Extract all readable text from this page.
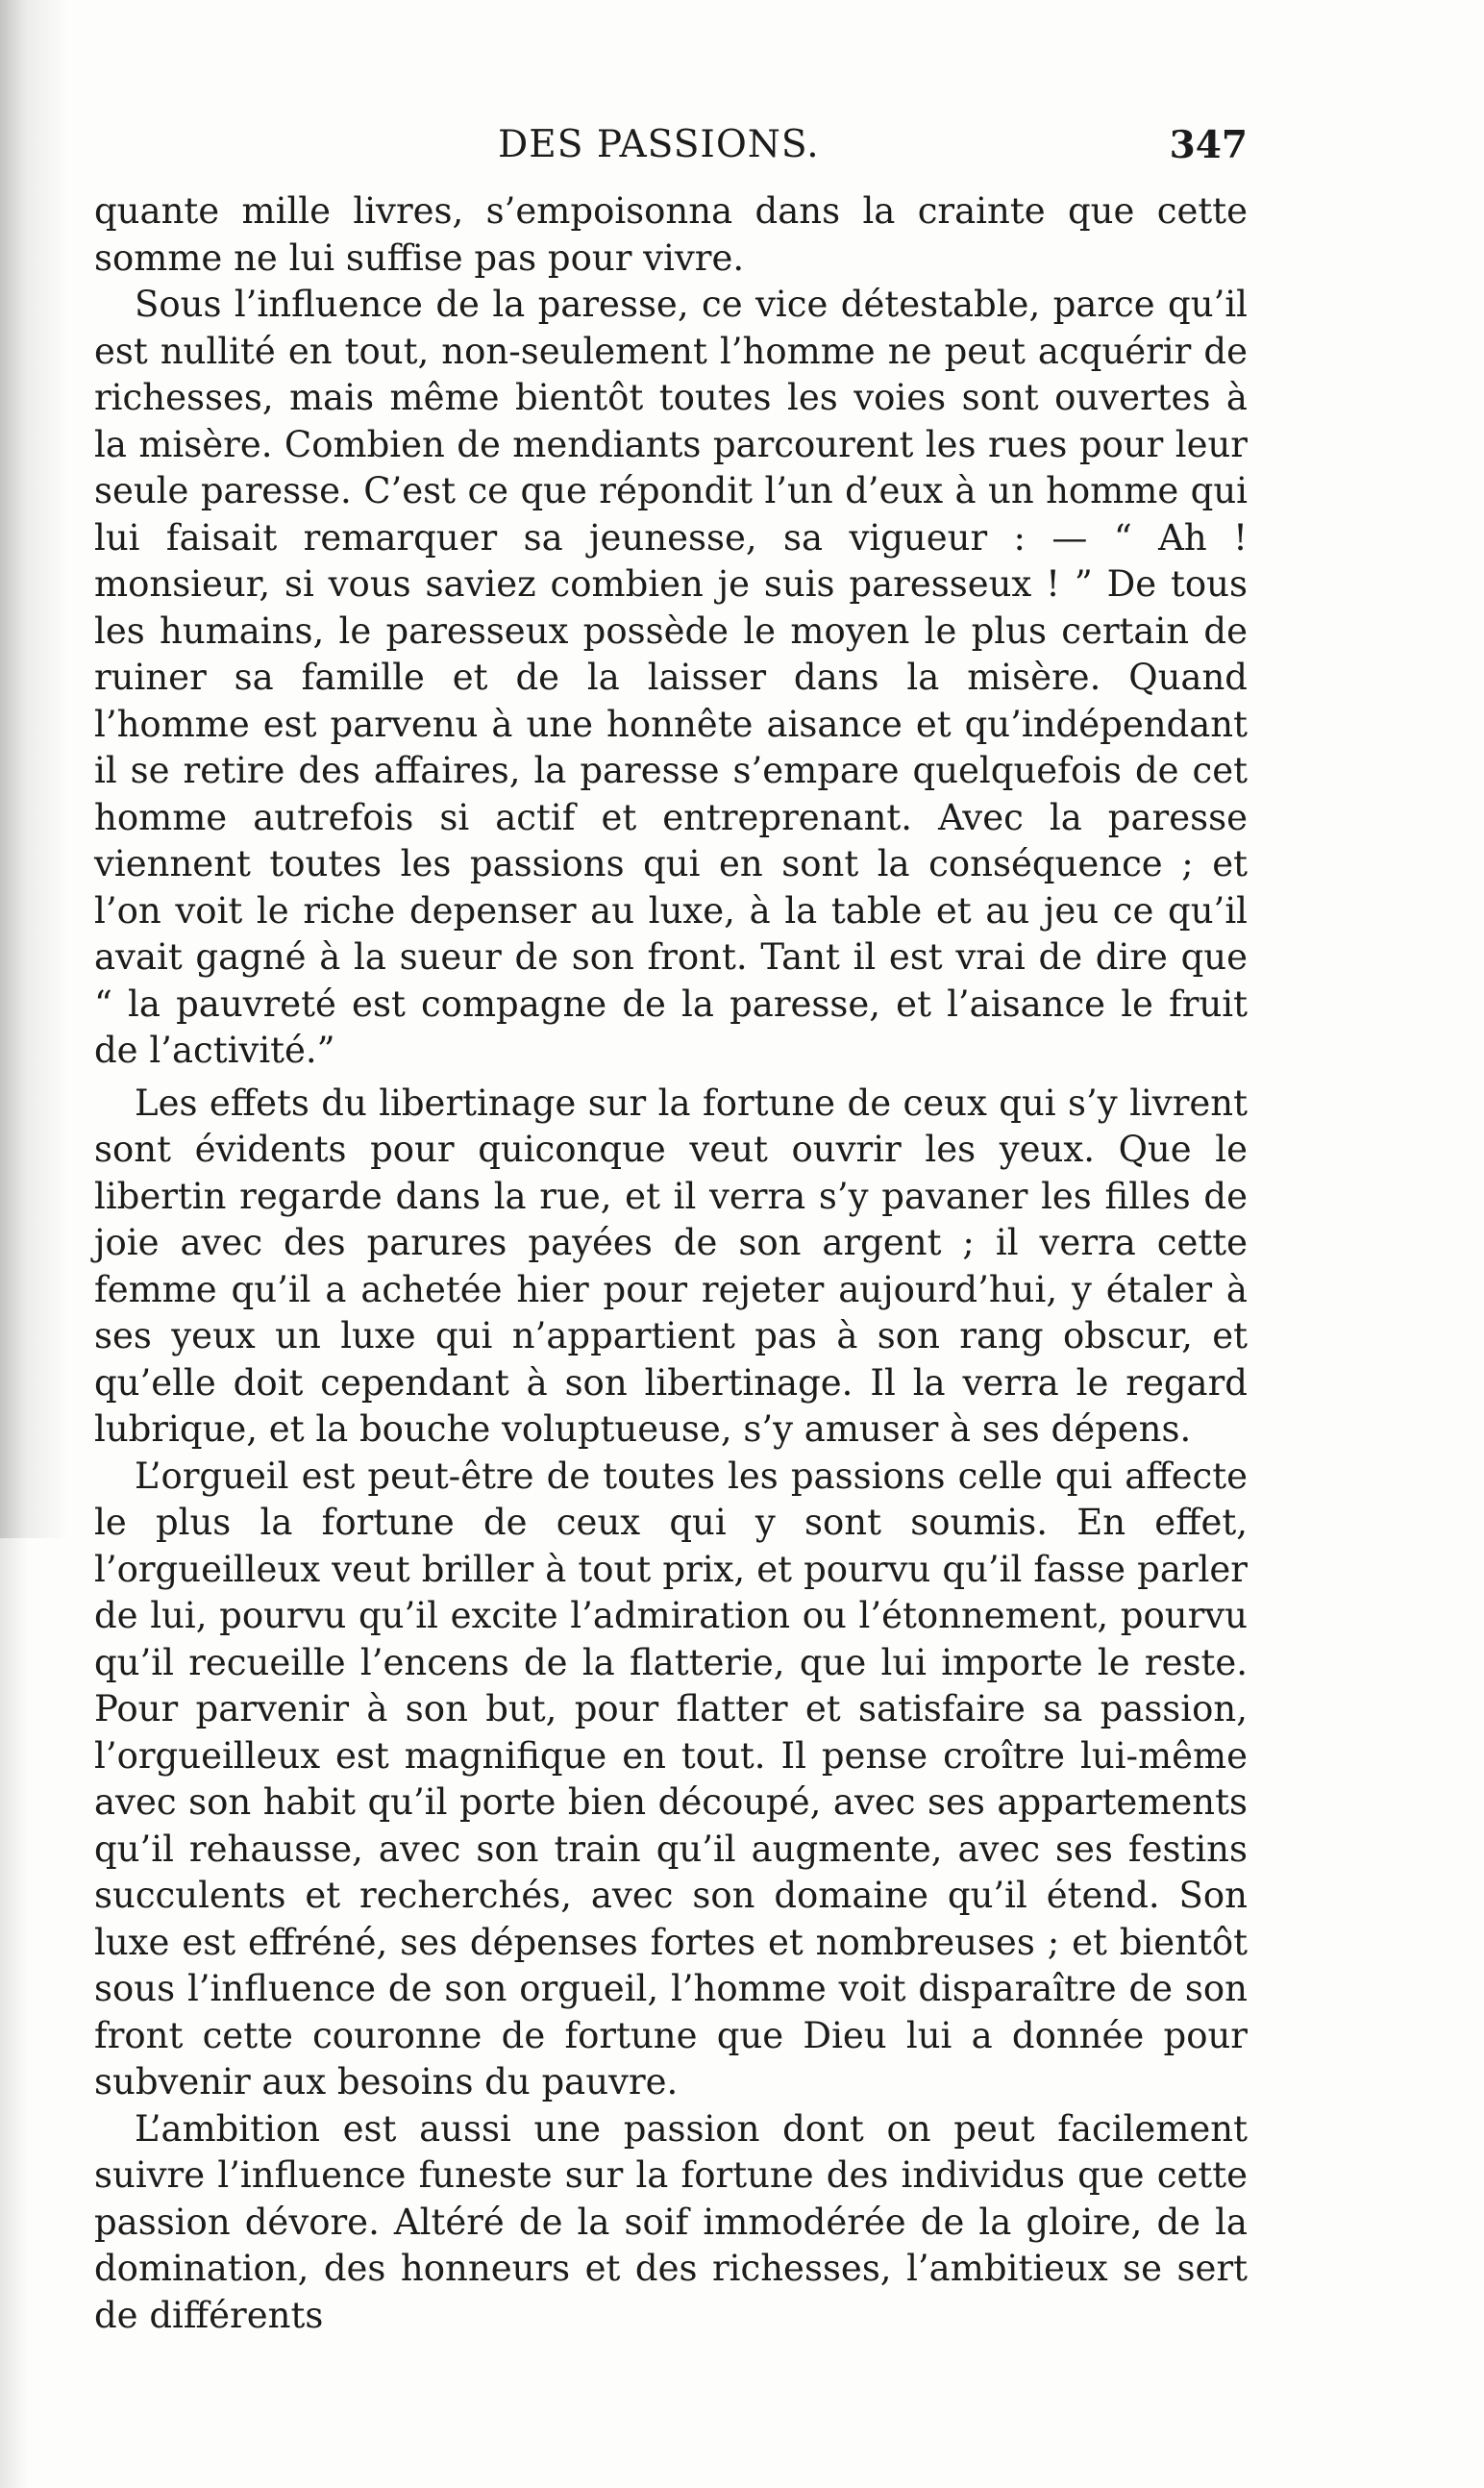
DES PASSIONS.	347

quante mille livres, s’empoisonna dans la crainte que cette somme ne lui suffise pas pour vivre.

Sous l’influence de la paresse, ce vice détestable, parce qu’il est nullité en tout, non-seulement l’homme ne peut acquérir de richesses, mais même bientôt toutes les voies sont ouvertes à la misère. Combien de mendiants parcourent les rues pour leur seule paresse. C’est ce que répondit l’un d’eux à un homme qui lui faisait remarquer sa jeunesse, sa vigueur : — “ Ah ! monsieur, si vous saviez combien je suis paresseux ! ” De tous les humains, le paresseux possède le moyen le plus certain de ruiner sa famille et de la laisser dans la misère. Quand l’homme est parvenu à une honnête aisance et qu’indépendant il se retire des affaires, la paresse s’empare quelquefois de cet homme autrefois si actif et entreprenant. Avec la paresse viennent toutes les passions qui en sont la conséquence ; et l’on voit le riche depenser au luxe, à la table et au jeu ce qu’il avait gagné à la sueur de son front. Tant il est vrai de dire que “ la pauvreté est compagne de la paresse, et l’aisance le fruit de l’activité.”

Les effets du libertinage sur la fortune de ceux qui s’y livrent sont évidents pour quiconque veut ouvrir les yeux. Que le libertin regarde dans la rue, et il verra s’y pavaner les filles de joie avec des parures payées de son argent ; il verra cette femme qu’il a achetée hier pour rejeter aujourd’hui, y étaler à ses yeux un luxe qui n’appartient pas à son rang obscur, et qu’elle doit cependant à son libertinage. Il la verra le regard lubrique, et la bouche voluptueuse, s’y amuser à ses dépens.

L’orgueil est peut-être de toutes les passions celle qui affecte le plus la fortune de ceux qui y sont soumis. En effet, l’orgueilleux veut briller à tout prix, et pourvu qu’il fasse parler de lui, pourvu qu’il excite l’admiration ou l’étonnement, pourvu qu’il recueille l’encens de la flatterie, que lui importe le reste. Pour parvenir à son but, pour flatter et satisfaire sa passion, l’orgueilleux est magnifique en tout. Il pense croître lui-même avec son habit qu’il porte bien découpé, avec ses appartements qu’il rehausse, avec son train qu’il augmente, avec ses festins succulents et recherchés, avec son domaine qu’il étend. Son luxe est effréné, ses dépenses fortes et nombreuses ; et bientôt sous l’influence de son orgueil, l’homme voit disparaître de son front cette couronne de fortune que Dieu lui a donnée pour subvenir aux besoins du pauvre.

L’ambition est aussi une passion dont on peut facilement suivre l’influence funeste sur la fortune des individus que cette passion dévore. Altéré de la soif immodérée de la gloire, de la domination, des honneurs et des richesses, l’ambitieux se sert de différents
